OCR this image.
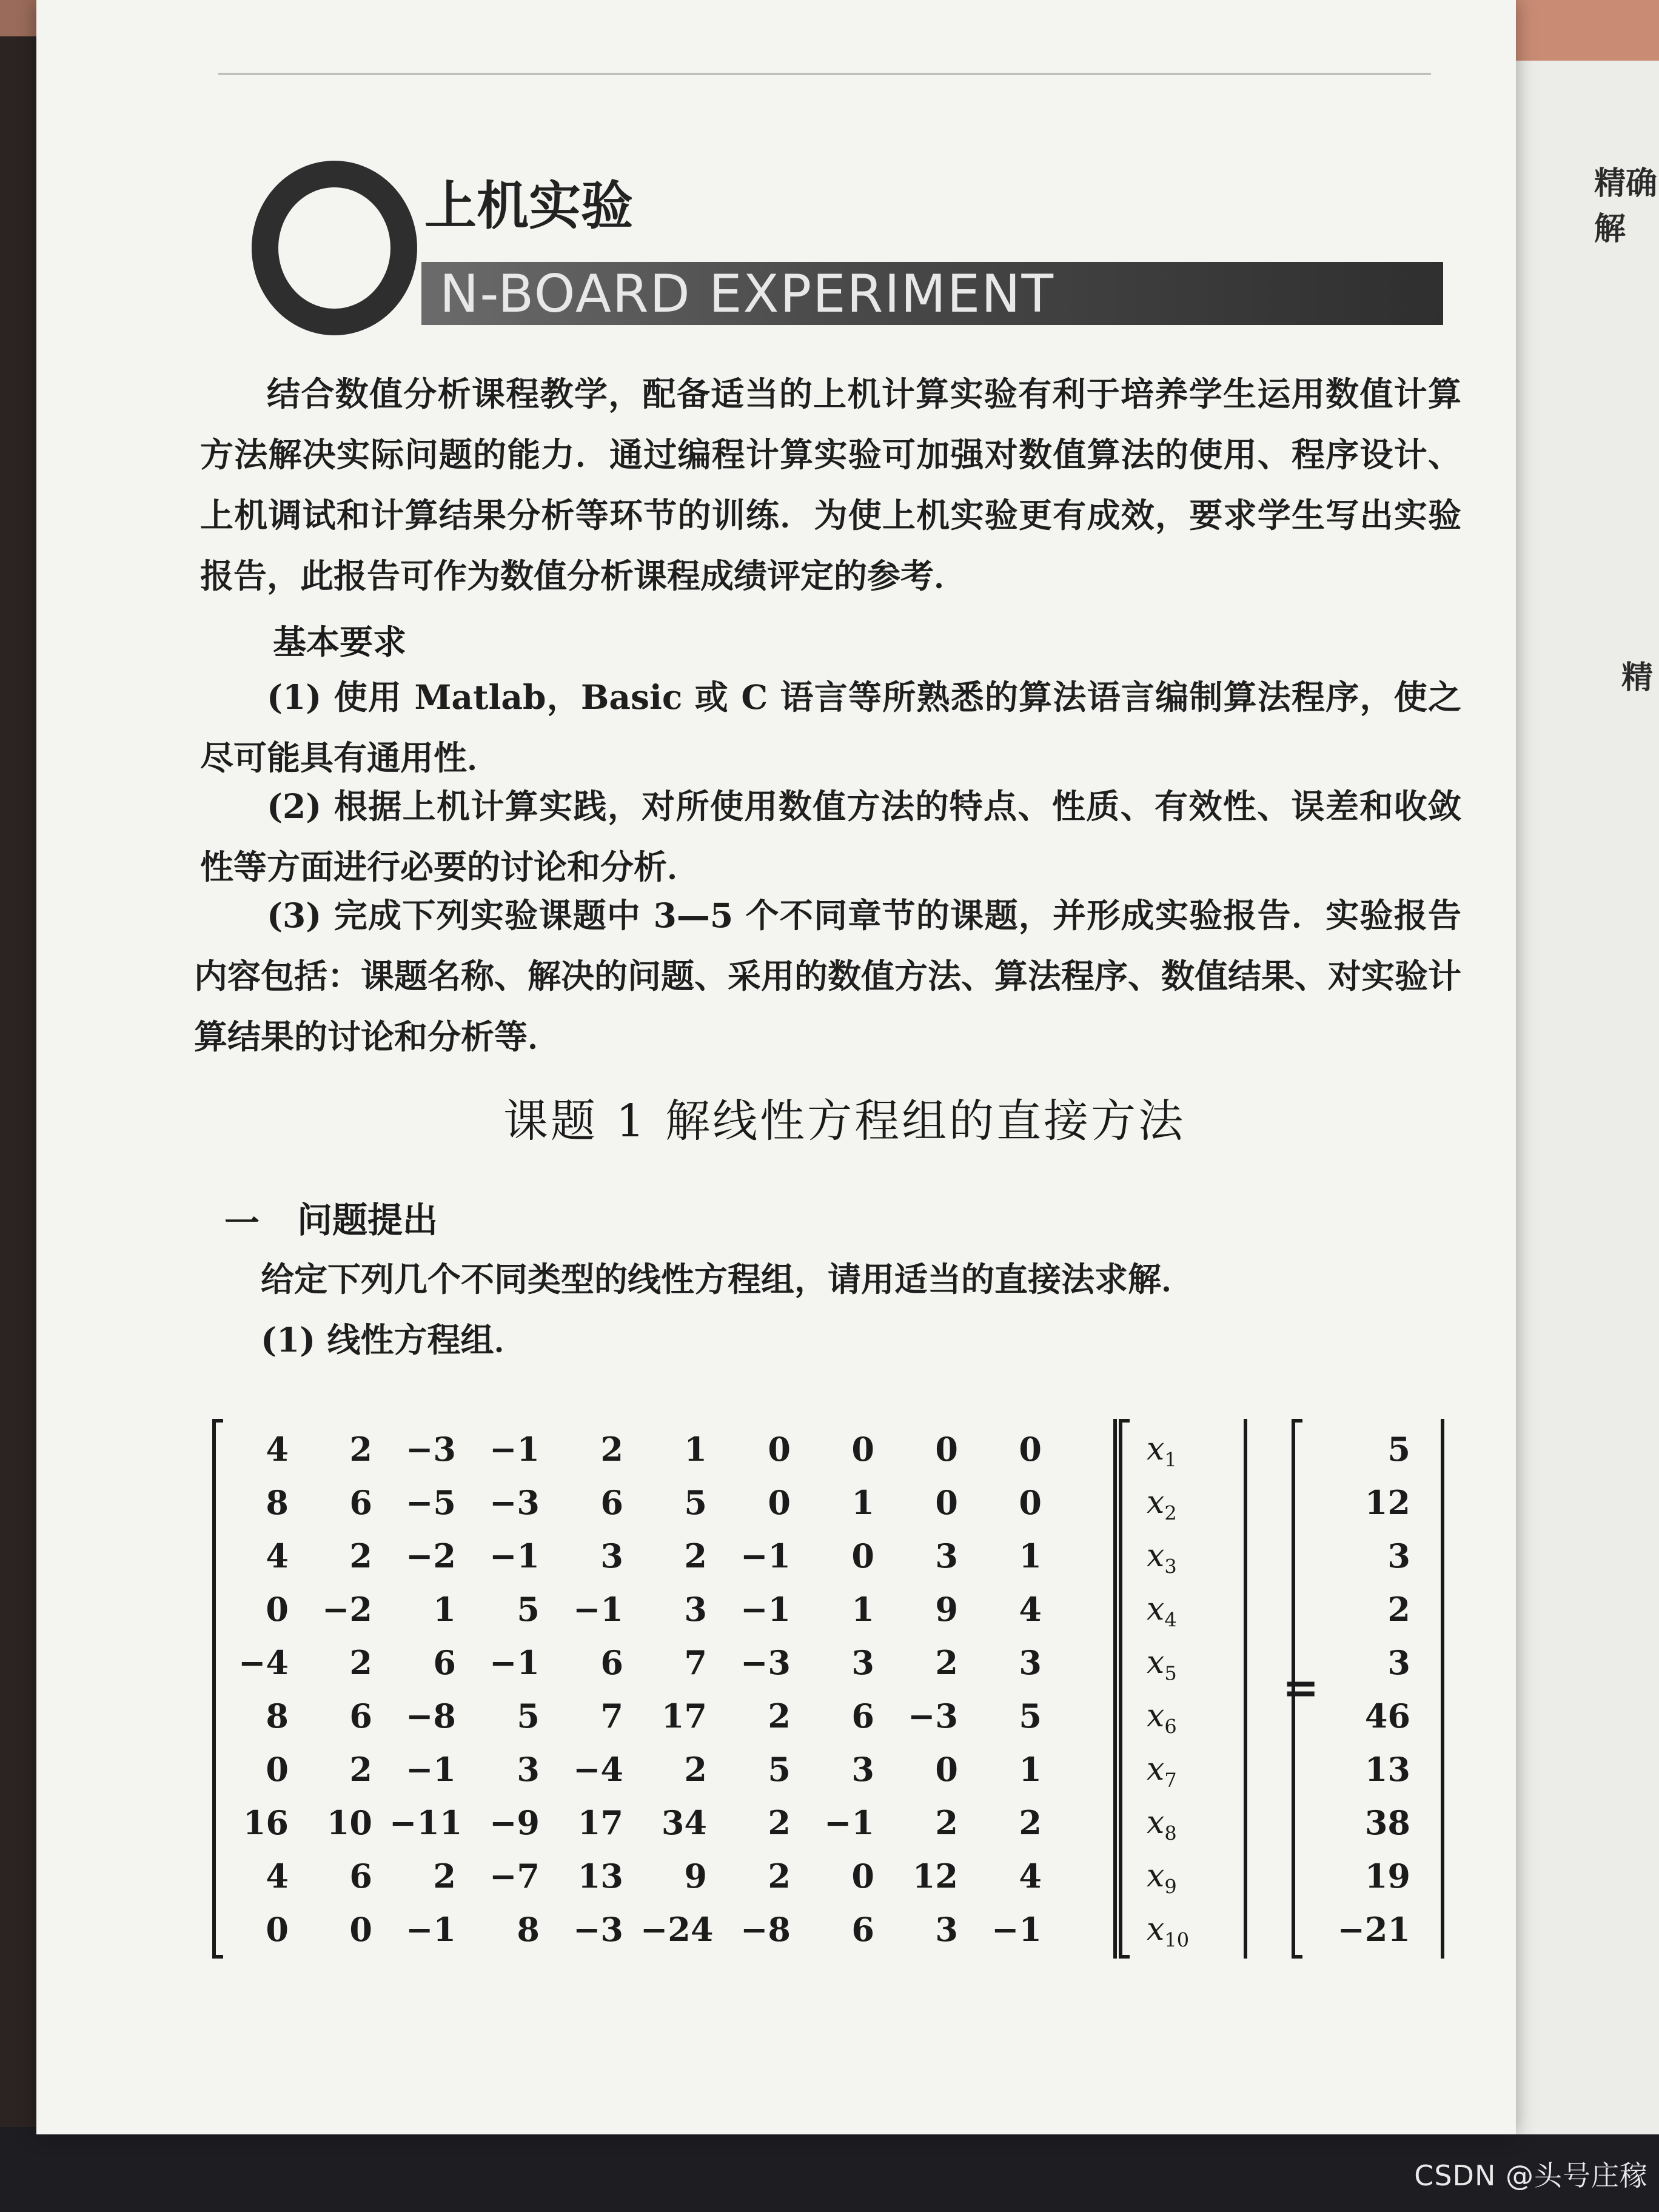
精确解
精
上机实验
N-BOARD EXPERIMENT
结合数值分析课程教学，配备适当的上机计算实验有利于培养学生运用数值计算方法解决实际问题的能力．通过编程计算实验可加强对数值算法的使用、程序设计、上机调试和计算结果分析等环节的训练．为使上机实验更有成效，要求学生写出实验报告，此报告可作为数值分析课程成绩评定的参考．
基本要求
(1) 使用 Matlab，Basic 或 C 语言等所熟悉的算法语言编制算法程序，使之尽可能具有通用性．
(2) 根据上机计算实践，对所使用数值方法的特点、性质、有效性、误差和收敛性等方面进行必要的讨论和分析．
(3) 完成下列实验课题中 3—5 个不同章节的课题，并形成实验报告．实验报告内容包括：课题名称、解决的问题、采用的数值方法、算法程序、数值结果、对实验计算结果的讨论和分析等．
课题 1 解线性方程组的直接方法
一 问题提出
给定下列几个不同类型的线性方程组，请用适当的直接法求解．
(1) 线性方程组．
4	2	−3	−1	2	1	0	0	0	0
8	6	−5	−3	6	5	0	1	0	0
4	2	−2	−1	3	2	−1	0	3	1
0	−2	1	5	−1	3	−1	1	9	4
−4	2	6	−1	6	7	−3	3	2	3
8	6	−8	5	7	17	2	6	−3	5
0	2	−1	3	−4	2	5	3	0	1
16	10 −11 −9	17	34	2	−1	2	2
4	6	2	−7	13	9	2	0	12	4
0	0	−1	8	−3 −24 −8	6	3	−1
$x_1$
$x_2$
$x_3$
$x_4$
$x_5$
$x_6$
$x_7$
$x_8$
$x_9$
$x_{10}$
=
5
12
3
2
3
46
13
38
19
−21
CSDN @头号庄稼
